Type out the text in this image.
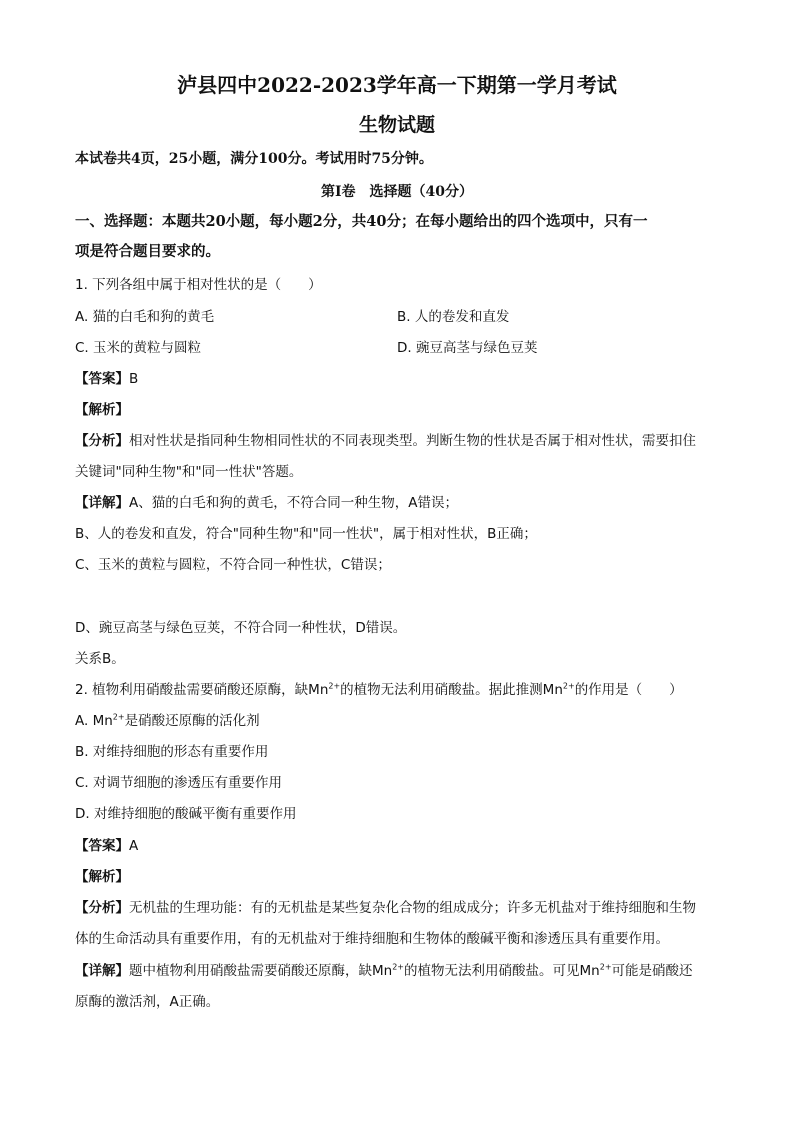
泸县四中2022-2023学年高一下期第一学月考试
生物试题
本试卷共4页，25小题，满分100分。考试用时75分钟。
第I卷　选择题（40分）
一、选择题：本题共20小题，每小题2分，共40分；在每小题给出的四个选项中，只有一
项是符合题目要求的。
1. 下列各组中属于相对性状的是（　　）
A. 猫的白毛和狗的黄毛	B. 人的卷发和直发
C. 玉米的黄粒与圆粒	D. 豌豆高茎与绿色豆荚
【答案】B
【解析】
【分析】相对性状是指同种生物相同性状的不同表现类型。判断生物的性状是否属于相对性状，需要扣住
关键词"同种生物"和"同一性状"答题。
【详解】A、猫的白毛和狗的黄毛，不符合同一种生物，A错误；
B、人的卷发和直发，符合"同种生物"和"同一性状"，属于相对性状，B正确；
C、玉米的黄粒与圆粒，不符合同一种性状，C错误；
D、豌豆高茎与绿色豆荚，不符合同一种性状，D错误。
关系B。
2. 植物利用硝酸盐需要硝酸还原酶，缺$Mn^{2+}$的植物无法利用硝酸盐。据此推测$Mn^{2+}$的作用是（　　）
A. $Mn^{2+}$是硝酸还原酶的活化剂
B. 对维持细胞的形态有重要作用
C. 对调节细胞的渗透压有重要作用
D. 对维持细胞的酸碱平衡有重要作用
【答案】A
【解析】
【分析】无机盐的生理功能：有的无机盐是某些复杂化合物的组成成分；许多无机盐对于维持细胞和生物
体的生命活动具有重要作用，有的无机盐对于维持细胞和生物体的酸碱平衡和渗透压具有重要作用。
【详解】题中植物利用硝酸盐需要硝酸还原酶，缺$Mn^{2+}$的植物无法利用硝酸盐。可见$Mn^{2+}$可能是硝酸还
原酶的激活剂，A正确。
